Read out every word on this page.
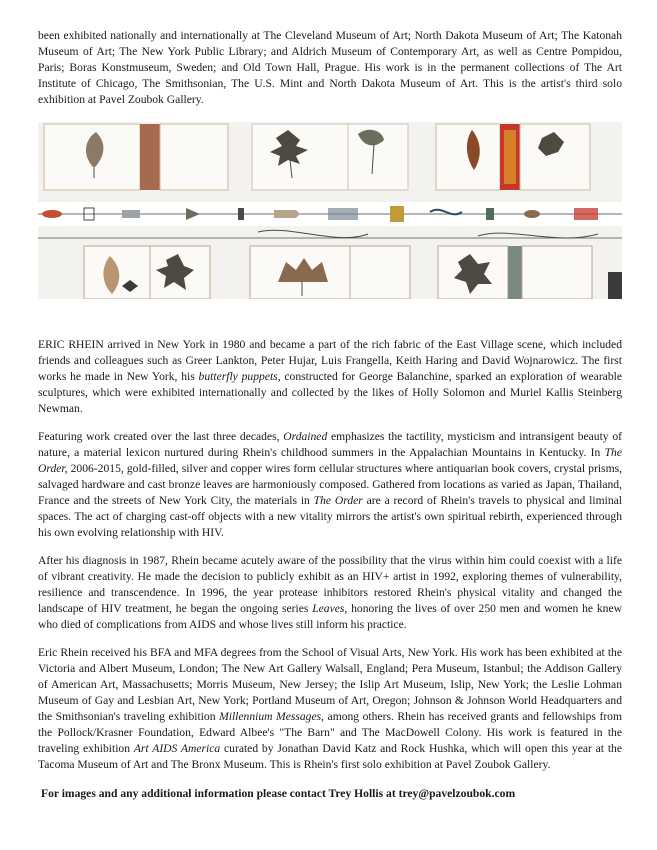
been exhibited nationally and internationally at The Cleveland Museum of Art; North Dakota Museum of Art; The Katonah Museum of Art; The New York Public Library; and Aldrich Museum of Contemporary Art, as well as Centre Pompidou, Paris; Boras Konstmuseum, Sweden; and Old Town Hall, Prague. His work is in the permanent collections of The Art Institute of Chicago, The Smithsonian, The U.S. Mint and North Dakota Museum of Art. This is the artist's third solo exhibition at Pavel Zoubok Gallery.

ERIC RHEIN arrived in New York in 1980 and became a part of the rich fabric of the East Village scene, which included friends and colleagues such as Greer Lankton, Peter Hujar, Luis Frangella, Keith Haring and David Wojnarowicz. The first works he made in New York, his butterfly puppets, constructed for George Balanchine, sparked an exploration of wearable sculptures, which were exhibited internationally and collected by the likes of Holly Solomon and Muriel Kallis Steinberg Newman.

Featuring work created over the last three decades, Ordained emphasizes the tactility, mysticism and intransigent beauty of nature, a material lexicon nurtured during Rhein's childhood summers in the Appalachian Mountains in Kentucky. In The Order, 2006-2015, gold-filled, silver and copper wires form cellular structures where antiquarian book covers, crystal prisms, salvaged hardware and cast bronze leaves are harmoniously composed. Gathered from locations as varied as Japan, Thailand, France and the streets of New York City, the materials in The Order are a record of Rhein's travels to physical and liminal spaces. The act of charging cast-off objects with a new vitality mirrors the artist's own spiritual rebirth, experienced through his own evolving relationship with HIV.

After his diagnosis in 1987, Rhein became acutely aware of the possibility that the virus within him could coexist with a life of vibrant creativity. He made the decision to publicly exhibit as an HIV+ artist in 1992, exploring themes of vulnerability, resilience and transcendence. In 1996, the year protease inhibitors restored Rhein's physical vitality and changed the landscape of HIV treatment, he began the ongoing series Leaves, honoring the lives of over 250 men and women he knew who died of complications from AIDS and whose lives still inform his practice.

Eric Rhein received his BFA and MFA degrees from the School of Visual Arts, New York. His work has been exhibited at the Victoria and Albert Museum, London; The New Art Gallery Walsall, England; Pera Museum, Istanbul; the Addison Gallery of American Art, Massachusetts; Morris Museum, New Jersey; the Islip Art Museum, Islip, New York; the Leslie Lohman Museum of Gay and Lesbian Art, New York; Portland Museum of Art, Oregon; Johnson & Johnson World Headquarters and the Smithsonian's traveling exhibition Millennium Messages, among others. Rhein has received grants and fellowships from the Pollock/Krasner Foundation, Edward Albee's "The Barn" and The MacDowell Colony. His work is featured in the traveling exhibition Art AIDS America curated by Jonathan David Katz and Rock Hushka, which will open this year at the Tacoma Museum of Art and The Bronx Museum. This is Rhein's first solo exhibition at Pavel Zoubok Gallery.

For images and any additional information please contact Trey Hollis at trey@pavelzoubok.com
